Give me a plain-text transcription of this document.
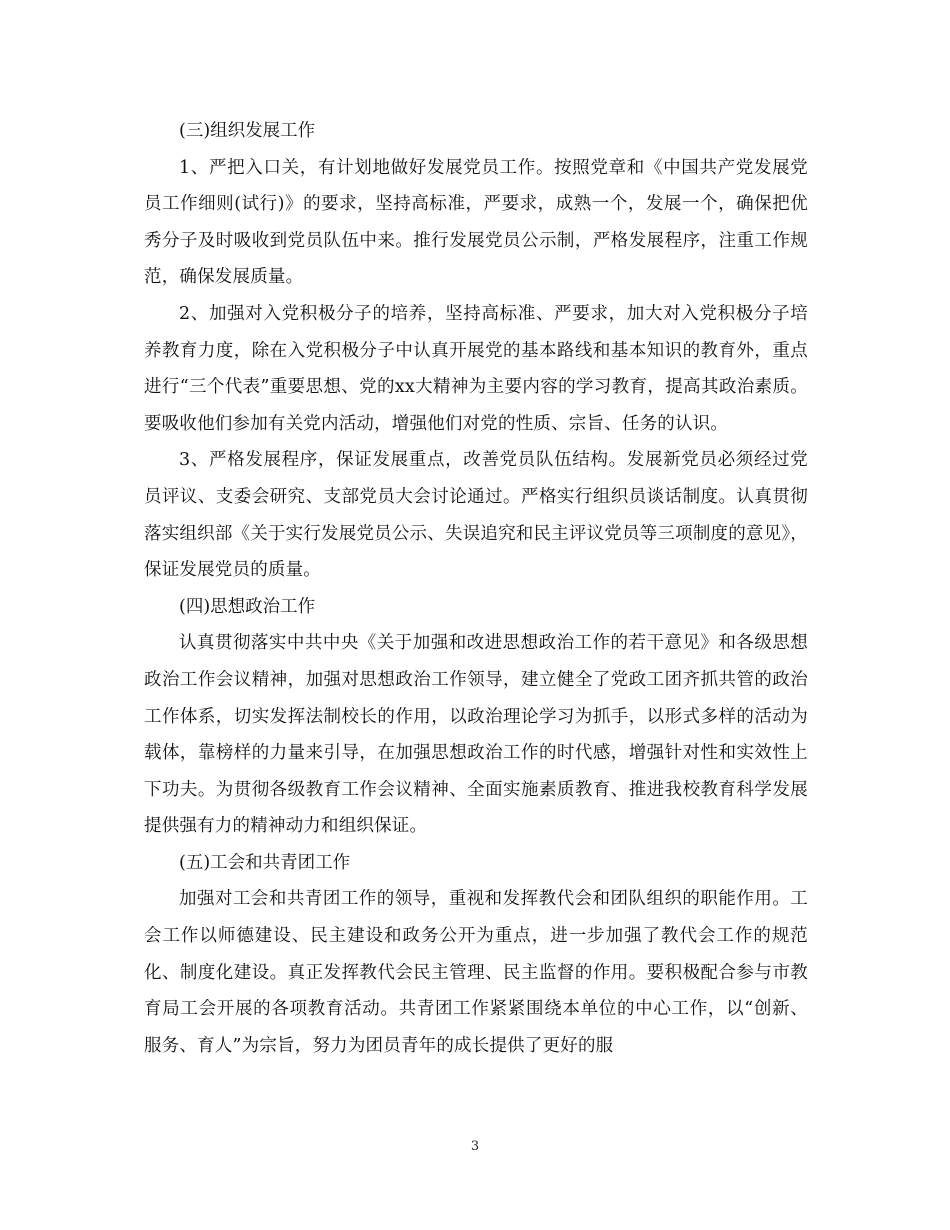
(三)组织发展工作

1、严把入口关，有计划地做好发展党员工作。按照党章和《中国共产党发展党员工作细则(试行)》的要求，坚持高标准，严要求，成熟一个，发展一个，确保把优秀分子及时吸收到党员队伍中来。推行发展党员公示制，严格发展程序，注重工作规范，确保发展质量。

2、加强对入党积极分子的培养，坚持高标准、严要求，加大对入党积极分子培养教育力度，除在入党积极分子中认真开展党的基本路线和基本知识的教育外，重点进行“三个代表”重要思想、党的xx大精神为主要内容的学习教育，提高其政治素质。要吸收他们参加有关党内活动，增强他们对党的性质、宗旨、任务的认识。

3、严格发展程序，保证发展重点，改善党员队伍结构。发展新党员必须经过党员评议、支委会研究、支部党员大会讨论通过。严格实行组织员谈话制度。认真贯彻落实组织部《关于实行发展党员公示、失误追究和民主评议党员等三项制度的意见》，保证发展党员的质量。

(四)思想政治工作

认真贯彻落实中共中央《关于加强和改进思想政治工作的若干意见》和各级思想政治工作会议精神，加强对思想政治工作领导，建立健全了党政工团齐抓共管的政治工作体系，切实发挥法制校长的作用，以政治理论学习为抓手，以形式多样的活动为载体，靠榜样的力量来引导，在加强思想政治工作的时代感，增强针对性和实效性上下功夫。为贯彻各级教育工作会议精神、全面实施素质教育、推进我校教育科学发展提供强有力的精神动力和组织保证。

(五)工会和共青团工作

加强对工会和共青团工作的领导，重视和发挥教代会和团队组织的职能作用。工会工作以师德建设、民主建设和政务公开为重点，进一步加强了教代会工作的规范化、制度化建设。真正发挥教代会民主管理、民主监督的作用。要积极配合参与市教育局工会开展的各项教育活动。共青团工作紧紧围绕本单位的中心工作，以“创新、服务、育人”为宗旨，努力为团员青年的成长提供了更好的服

3
